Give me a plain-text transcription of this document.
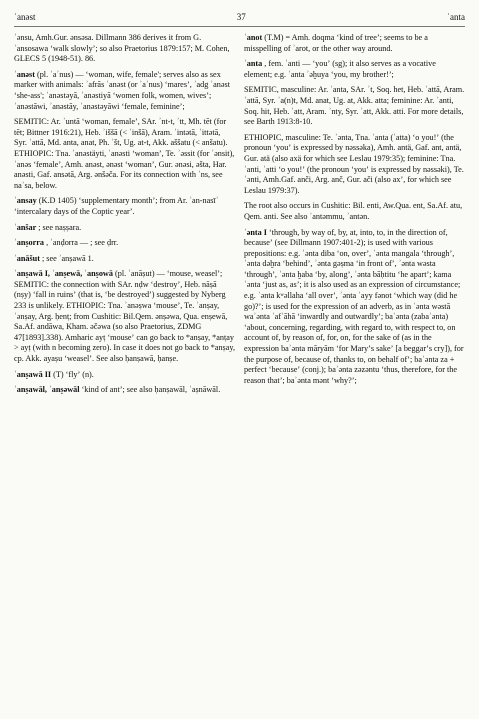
ʾanəst	37	ʾanta

ʾənsu, Amh.Gur. ənsəsa. Dillmann 386 derives it from G. ʾansosawa ʻwalk slowlyʼ; so also Praetorius 1879:157; M. Cohen, GLECS 5 (1948-51). 86.

ʾanəst (pl. ʾaʾnus) — ʻwoman, wife, female'; serves also as sex marker with animals: ʾafrās ʾanəst (or ʾaʾnus) ʻmaresʼ, ʾadg ʾanəst ʻshe-ass'; ʾanəstəyā, ʾanəstiyā ʻwomen folk, women, wivesʼ; ʾanəstāwi, ʾanəstāy, ʾanəstəyāwi ʻfemale, feminineʼ;

SEMITIC: Ar. ʾuntā ʻwoman, femaleʼ, SAr. ʾnt-t, ʾtt, Mh. tēt (for tēt; Bittner 1916:21), Heb. ʾiššā (< ʾinšā), Aram. ʾintətā, ʾittətā, Syr. ʾattā, Md. anta, anat, Ph. ʾšt, Ug. at-t, Akk. aššatu (< anšatu). ETHIOPIC: Tna. ʾanəstäyti, ʾanəsti ʻwomanʼ, Te. ʾəssit (for ʾənsit), ʾanəs ʻfemaleʼ, Amh. anəst, ənəst ʻwomanʼ, Gur. ənəsi, əšta, Har. anəsti, Gaf. ansətā, Arg. ənšəča. For its connection with ʾns, see naʾsa, below.

ʾansay (K.D 1405) ʻsupplementary monthʼ; from Ar. ʾan-nasīʾ ʻintercalary days of the Coptic yearʼ.

ʾanšar ; see naṣṣara.

ʾanṣorra , ʾanḍorra — ; see ḍrr.

ʾanāšut ; see ʾanṣawā 1.

ʾanṣawā I, ʾanṣewā, ʾanṣowā (pl. ʾanāṣut) — ʻmouse, weaselʼ; SEMITIC: the connection with SAr. nḍw ʻdestroyʼ, Heb. nāṣā (nṣy) ʻfall in ruinsʼ (that is, ʻbe destroyedʼ) suggested by Nyberg 233 is unlikely. ETHIOPIC: Tna. ʾanəṣwa ʻmouseʼ, Te. ʾanṣay, ʾənṣay, Arg. ḥenṭ; from Cushitic: Bil.Qem. ənṣəwa, Qua. enṣewā, Sa.Af. andāwa, Kham. əčəwa (so also Praetorius, ZDMG 47[1893].338). Amharic ayṭ ʻmouseʼ can go back to *anṣay, *anṭay > ayṭ (with n becoming zero). In case it does not go back to *anṣay, cp. Akk. ayaṣu ʻweaselʼ. See also ḥanṣawā, ḥanṣe.

ʾanṣawā II (T) ʻflyʼ (n).

ʾanṣawāl, ʾanṣəwāl ʻkind of antʼ; see also ḥanṣawāl, ʾaṣnāwāl.

ʾanot (T.M) = Amh. doqma ʻkind of treeʼ; seems to be a misspelling of ʾarot, or the other way around.

ʾanta , fem. ʾanti — ʻyouʼ (sg); it also serves as a vocative element; e.g. ʾanta ʾəḫuya ʻyou, my brother!ʼ;

SEMITIC, masculine: Ar. ʾanta, SAr. ʾt, Soq. het, Heb. ʾattā, Aram. ʾattā, Syr. ʾa(n)t, Md. anat, Ug. at, Akk. atta; feminine: Ar. ʾanti, Soq. hit, Heb. ʾatt, Aram. ʾnty, Syr. ʾatt, Akk. atti. For more details, see Barth 1913:8-10.

ETHIOPIC, masculine: Te. ʾənta, Tna. ʾanta (ʾatta) ʻo you!ʼ (the pronoun ʻyouʼ is expressed by nəssəka), Amh. antä, Gaf. ant, antä, Gur. atä (also axä for which see Leslau 1979:35); feminine: Tna. ʾanti, ʾatti ʻo you!ʼ (the pronoun ʻyouʼ is expressed by nəssəki), Te. ʾənti, Amh.Gaf. anči, Arg. anč, Gur. ači (also axʼ, for which see Leslau 1979:37).

The root also occurs in Cushitic: Bil. enti, Aw.Qua. ent, Sa.Af. atu, Qem. anti. See also ʾantəmmu, ʾantən.

ʾənta I ʻthrough, by way of, by, at, into, to, in the direction of, becauseʼ (see Dillmann 1907:401-2); is used with various prepositions: e.g. ʾənta diba ʻon, overʼ, ʾənta mangala ʻthroughʼ, ʾənta dəḫra ʻbehindʼ, ʾənta gəṣma ʻin front ofʼ, ʾənta wəsta ʻthroughʼ, ʾənta ḫaba ʻby, alongʼ, ʾənta bāḥtitu ʻhe apartʼ; kama ʾənta ʻjust as, asʼ; it is also used as an expression of circumstance; e.g. ʾənta kʷəllaha ʻall overʼ, ʾənta ʾayy fənot ʻwhich way (did he go)?ʼ; is used for the expression of an adverb, as in ʾənta wəstā waʾənta ʾafʾāhā ʻinwardly and outwardlyʼ; baʾənta (zabaʾənta) ʻabout, concerning, regarding, with regard to, with respect to, on account of, by reason of, for, on, for the sake of (as in the expression baʾənta māryām ʻfor Maryʼs sakeʼ [a beggarʼs cry]), for the purpose of, because of, thanks to, on behalf ofʼ; baʾənta za + perfect ʻbecauseʼ (conj.); baʾənta zəzəntu ʻthus, therefore, for the reason thatʼ; baʾənta mənt ʻwhy?ʼ;
